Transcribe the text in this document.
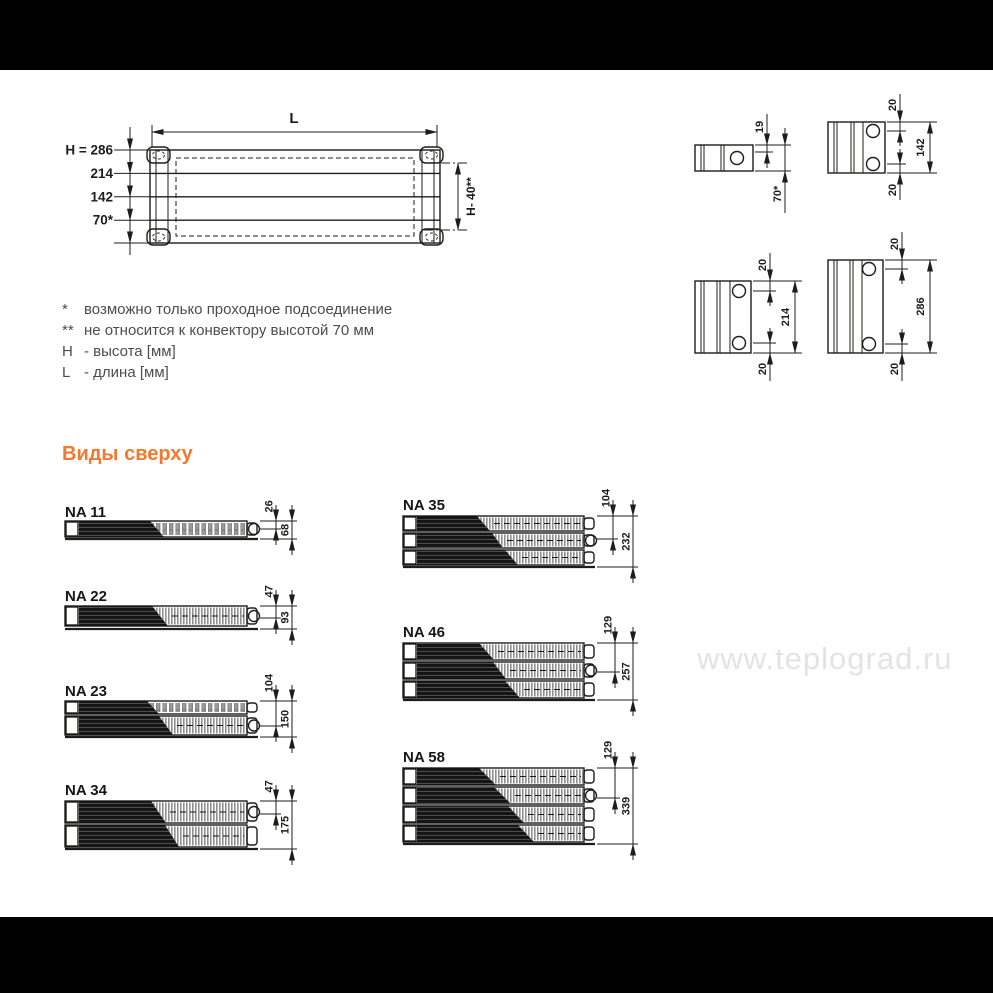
L
H = 286
214
142
70*
H- 40**
19
70*
20
142
20
20
214
20
20
286
20
NA 11	26
68
NA 22	47
93
NA 23	104
150
NA 34	47
175
NA 35	104
232
NA 46	129
257
NA 58	129
339
*	возможно только проходное подсоединение
** не относится к конвектору высотой 70 мм
H - высота [мм]
L - длина [мм]
Виды сверху
www.teplograd.ru
